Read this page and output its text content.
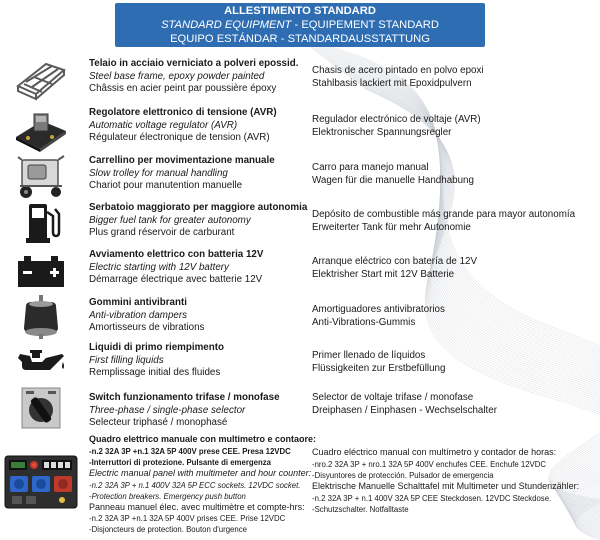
ALLESTIMENTO STANDARD
STANDARD EQUIPMENT - EQUIPEMENT STANDARD
EQUIPO ESTÁNDAR - STANDARDAUSSTATTUNG
Telaio in acciaio verniciato a polveri epossid.
Steel base frame, epoxy powder painted
Châssis en acier peint par poussière époxy
Chasis de acero pintado en polvo epoxi
Stahlbasis lackiert mit Epoxidpulvern
Regolatore elettronico di tensione (AVR)
Automatic voltage regulator (AVR)
Régulateur électronique de tension (AVR)
Regulador electrónico de voltaje (AVR)
Elektronischer Spannungsregler
Carrellino per movimentazione manuale
Slow trolley for manual handling
Chariot pour manutention manuelle
Carro para manejo manual
Wagen für die manuelle Handhabung
Serbatoio maggiorato per maggiore autonomia
Bigger fuel tank for greater autonomy
Plus grand réservoir de carburant
Depósito de combustible más grande para mayor autonomía
Erweiterter Tank für mehr Autonomie
Avviamento elettrico con batteria 12V
Electric starting with 12V battery
Démarrage électrique avec batterie 12V
Arranque eléctrico con batería de 12V
Elektrisher Start mit 12V Batterie
Gommini antivibranti
Anti-vibration dampers
Amortisseurs de vibrations
Amortiguadores antivibratorios
Anti-Vibrations-Gummis
Liquidi di primo riempimento
First filling liquids
Remplissage initial des fluides
Primer llenado de líquidos
Flüssigkeiten zur Erstbefüllung
Switch funzionamento trifase / monofase
Three-phase / single-phase selector
Selecteur triphasé / monophasé
Selector de voltaje trifase / monofase
Dreiphasen / Einphasen - Wechselschalter
Quadro elettrico manuale con multimetro e contaore:
-n.2 32A 3P +n.1 32A 5P 400V prese CEE. Presa 12VDC
-Interruttori di protezione. Pulsante di emergenza
Electric manual panel with multimeter and hour counter:
-n.2 32A 3P + n.1 400V 32A 5P ECC sockets. 12VDC socket.
-Protection breakers. Emergency push button
Panneau manuel élec. avec multimètre et compte-hrs:
-n.2 32A 3P +n.1 32A 5P 400V prises CEE. Prise 12VDC
-Disjoncteurs de protection. Bouton d'urgence
Cuadro eléctrico manual con multímetro y contador de horas:
-nro.2 32A 3P + nro.1 32A 5P 400V enchufes CEE. Enchufe 12VDC
-Disyuntores de protección. Pulsador de emergencia
Elektrische Manuelle Schalttafel mit Multimeter und Stundenzähler:
-n.2 32A 3P + n.1 400V 32A 5P CEE Steckdosen. 12VDC Steckdose.
-Schutzschalter. Notfalltaste
